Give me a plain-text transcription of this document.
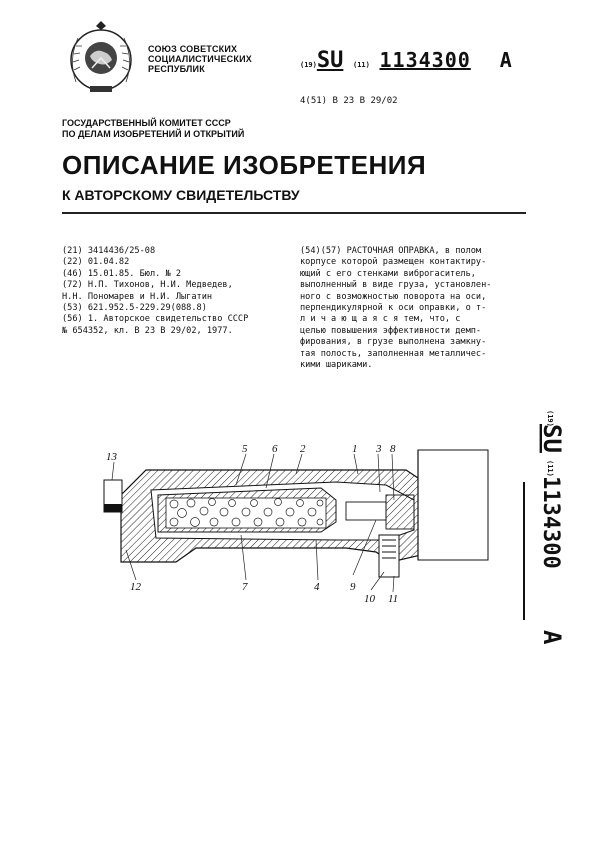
СОЮЗ СОВЕТСКИХ
СОЦИАЛИСТИЧЕСКИХ
РЕСПУБЛИК	(19)SU (11) 1134300 A
4(51) B 23 B 29/02
ГОСУДАРСТВЕННЫЙ КОМИТЕТ СССР
ПО ДЕЛАМ ИЗОБРЕТЕНИЙ И ОТКРЫТИЙ
ОПИСАНИЕ ИЗОБРЕТЕНИЯ
К АВТОРСКОМУ СВИДЕТЕЛЬСТВУ
(21) 3414436/25-08
(22) 01.04.82
(46) 15.01.85. Бюл. № 2
(72) Н.П. Тихонов, Н.И. Медведев,
Н.Н. Пономарев и Н.И. Лыгатин
(53) 621.952.5-229.29(088.8)
(56) 1. Авторское свидетельство СССР
№ 654352, кл. В 23 В 29/02, 1977.
(54)(57) РАСТОЧНАЯ ОПРАВКА, в полом
корпусе которой размещен контактиру-
ющий с его стенками виброгаситель,
выполненный в виде груза, установлен-
ного с возможностью поворота на оси,
перпендикулярной к оси оправки, о т-
л и ч а ю щ а я с я тем, что, с
целью повышения эффективности демп-
фирования, в грузе выполнена замкну-
тая полость, заполненная металличес-
кими шариками.
13
5 6 2	1 3 8
12	7	4	9
10 11
(19)
SU
(11)
1134300
A
